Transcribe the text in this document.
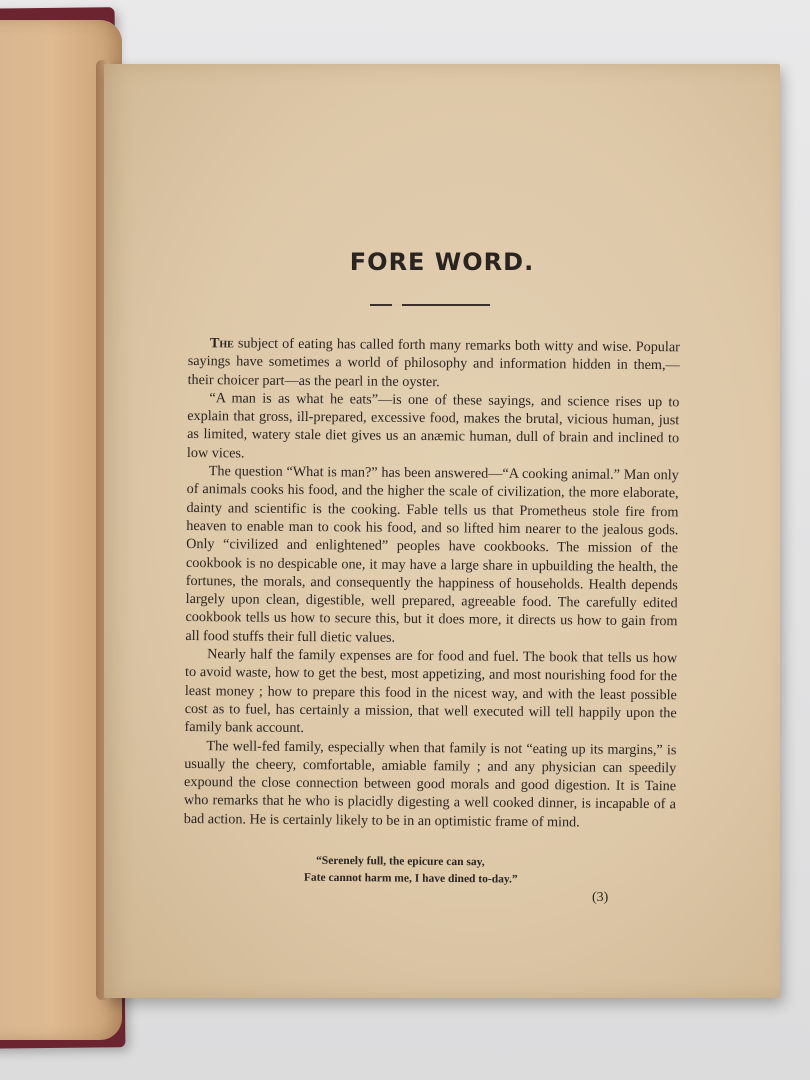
FORE WORD.

The subject of eating has called forth many remarks both witty and wise. Popular sayings have sometimes a world of philosophy and information hidden in them,—their choicer part—as the pearl in the oyster.

“A man is as what he eats”—is one of these sayings, and science rises up to explain that gross, ill-prepared, excessive food, makes the brutal, vicious human, just as limited, watery stale diet gives us an anæmic human, dull of brain and inclined to low vices.

The question “What is man?” has been answered—“A cooking animal.” Man only of animals cooks his food, and the higher the scale of civilization, the more elaborate, dainty and scientific is the cooking. Fable tells us that Prometheus stole fire from heaven to enable man to cook his food, and so lifted him nearer to the jealous gods. Only “civilized and enlightened” peoples have cookbooks. The mission of the cookbook is no despicable one, it may have a large share in upbuilding the health, the fortunes, the morals, and consequently the happiness of households. Health depends largely upon clean, digestible, well prepared, agreeable food. The carefully edited cookbook tells us how to secure this, but it does more, it directs us how to gain from all food stuffs their full dietic values.

Nearly half the family expenses are for food and fuel. The book that tells us how to avoid waste, how to get the best, most appetizing, and most nourishing food for the least money ; how to prepare this food in the nicest way, and with the least possible cost as to fuel, has certainly a mission, that well executed will tell happily upon the family bank account.

The well-fed family, especially when that family is not “eating up its margins,” is usually the cheery, comfortable, amiable family ; and any physician can speedily expound the close connection between good morals and good digestion. It is Taine who remarks that he who is placidly digesting a well cooked dinner, is incapable of a bad action. He is certainly likely to be in an optimistic frame of mind.

“Serenely full, the epicure can say,
Fate cannot harm me, I have dined to-day.”
(3)
